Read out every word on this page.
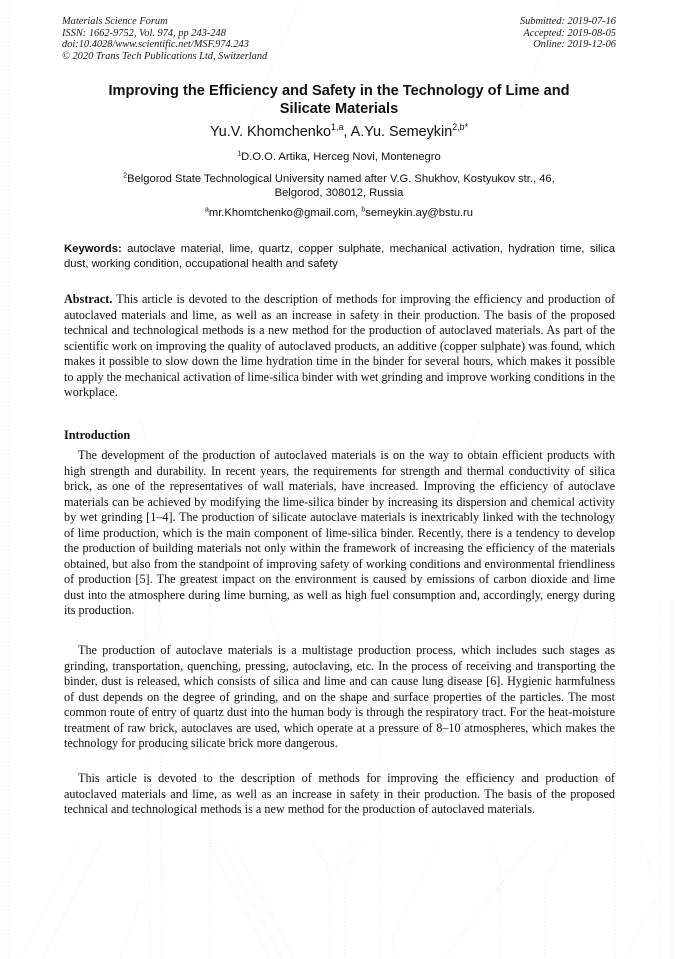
Materials Science Forum
ISSN: 1662-9752, Vol. 974, pp 243-248
doi:10.4028/www.scientific.net/MSF.974.243
© 2020 Trans Tech Publications Ltd, Switzerland
Submitted: 2019-07-16
Accepted: 2019-08-05
Online: 2019-12-06
Improving the Efficiency and Safety in the Technology of Lime and
Silicate Materials
Yu.V. Khomchenko$^{1,a}$, A.Yu. Semeykin$^{2,b*}$
$^1$D.O.O. Artika, Herceg Novi, Montenegro
$^2$Belgorod State Technological University named after V.G. Shukhov, Kostyukov str., 46,
Belgorod, 308012, Russia
$^a$mr.Khomtchenko@gmail.com, $^b$semeykin.ay@bstu.ru

Keywords: autoclave material, lime, quartz, copper sulphate, mechanical activation, hydration time, silica dust, working condition, occupational health and safety

Abstract. This article is devoted to the description of methods for improving the efficiency and production of autoclaved materials and lime, as well as an increase in safety in their production. The basis of the proposed technical and technological methods is a new method for the production of autoclaved materials. As part of the scientific work on improving the quality of autoclaved products, an additive (copper sulphate) was found, which makes it possible to slow down the lime hydration time in the binder for several hours, which makes it possible to apply the mechanical activation of lime-silica binder with wet grinding and improve working conditions in the workplace.

Introduction

The development of the production of autoclaved materials is on the way to obtain efficient products with high strength and durability. In recent years, the requirements for strength and thermal conductivity of silica brick, as one of the representatives of wall materials, have increased. Improving the efficiency of autoclave materials can be achieved by modifying the lime-silica binder by increasing its dispersion and chemical activity by wet grinding [1–4]. The production of silicate autoclave materials is inextricably linked with the technology of lime production, which is the main component of lime-silica binder. Recently, there is a tendency to develop the production of building materials not only within the framework of increasing the efficiency of the materials obtained, but also from the standpoint of improving safety of working conditions and environmental friendliness of production [5]. The greatest impact on the environment is caused by emissions of carbon dioxide and lime dust into the atmosphere during lime burning, as well as high fuel consumption and, accordingly, energy during its production.

The production of autoclave materials is a multistage production process, which includes such stages as grinding, transportation, quenching, pressing, autoclaving, etc. In the process of receiving and transporting the binder, dust is released, which consists of silica and lime and can cause lung disease [6]. Hygienic harmfulness of dust depends on the degree of grinding, and on the shape and surface properties of the particles. The most common route of entry of quartz dust into the human body is through the respiratory tract. For the heat-moisture treatment of raw brick, autoclaves are used, which operate at a pressure of 8–10 atmospheres, which makes the technology for producing silicate brick more dangerous.

This article is devoted to the description of methods for improving the efficiency and production of autoclaved materials and lime, as well as an increase in safety in their production. The basis of the proposed technical and technological methods is a new method for the production of autoclaved materials.
